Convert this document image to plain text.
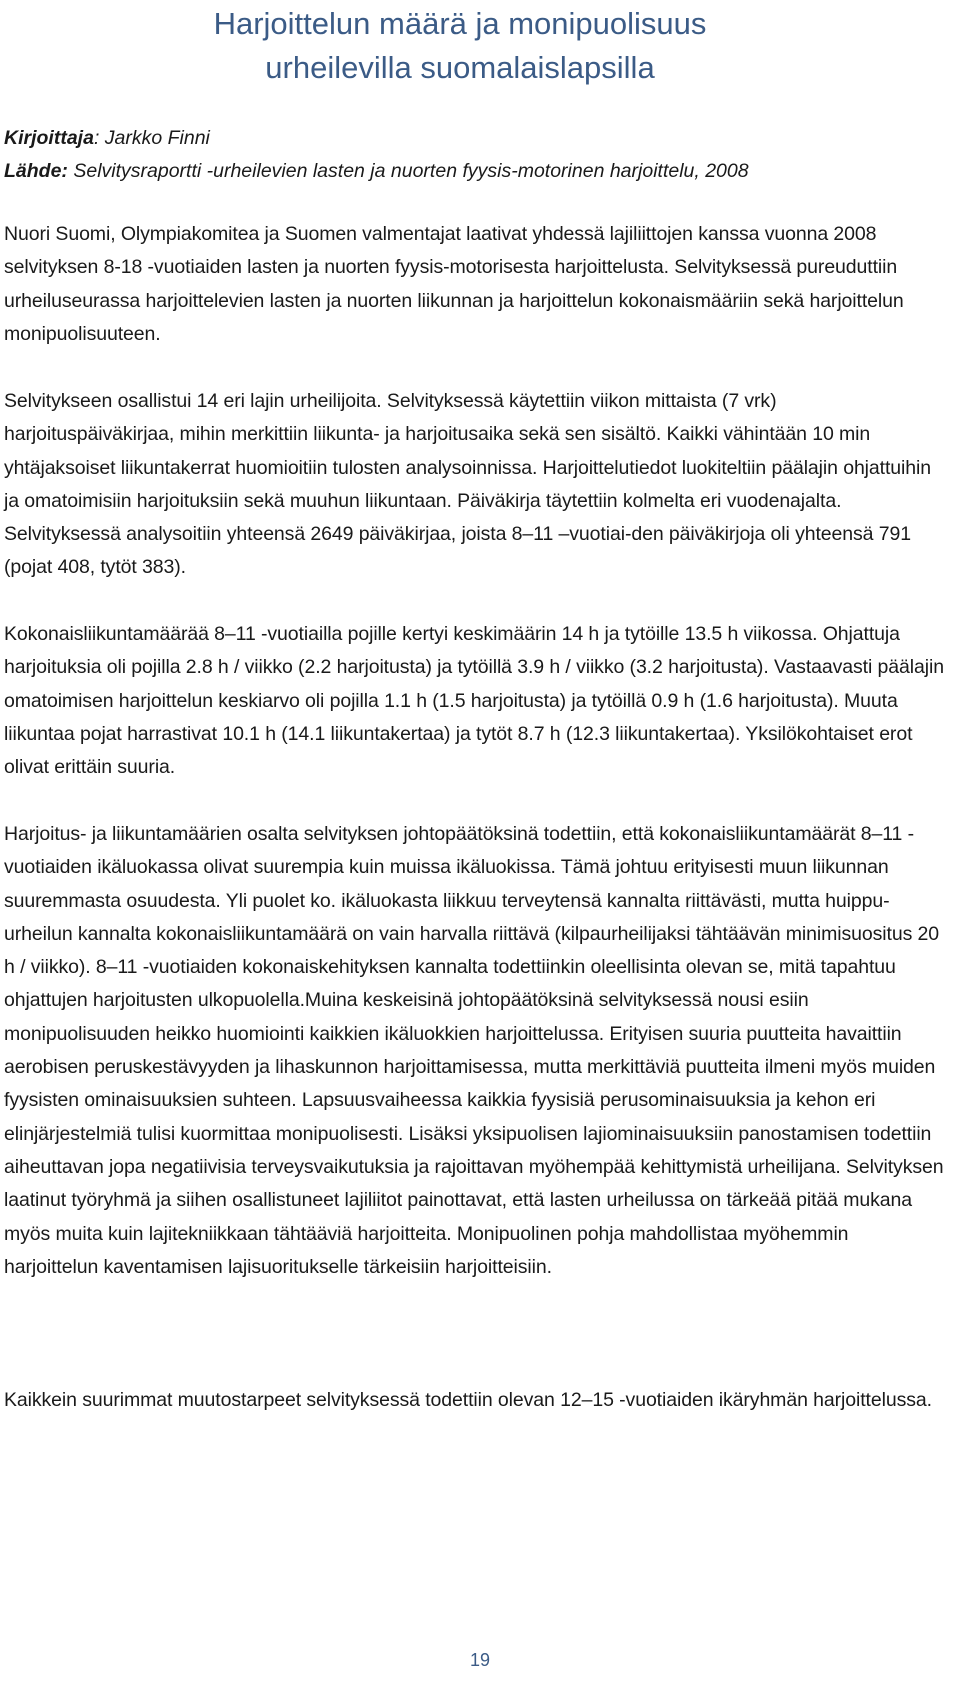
Harjoittelun määrä ja monipuolisuus
urheilevilla suomalaislapsilla
Kirjoittaja: Jarkko Finni
Lähde: Selvitysraportti -urheilevien lasten ja nuorten fyysis-motorinen harjoittelu, 2008

Nuori Suomi, Olympiakomitea ja Suomen valmentajat laativat yhdessä lajiliittojen kanssa vuonna 2008 selvityksen 8-18 -vuotiaiden lasten ja nuorten fyysis-motorisesta harjoittelusta. Selvityksessä pureuduttiin urheiluseurassa harjoittelevien lasten ja nuorten liikunnan ja harjoittelun kokonaismääriin sekä harjoittelun monipuolisuuteen.

Selvitykseen osallistui 14 eri lajin urheilijoita. Selvityksessä käytettiin viikon mittaista (7 vrk) harjoituspäiväkirjaa, mihin merkittiin liikunta- ja harjoitusaika sekä sen sisältö. Kaikki vähintään 10 min yhtäjaksoiset liikuntakerrat huomioitiin tulosten analysoinnissa. Harjoittelutiedot luokiteltiin päälajin ohjattuihin ja omatoimisiin harjoituksiin sekä muuhun liikuntaan. Päiväkirja täytettiin kolmelta eri vuodenajalta. Selvityksessä analysoitiin yhteensä 2649 päiväkirjaa, joista 8–11 –vuotiai-den päiväkirjoja oli yhteensä 791 (pojat 408, tytöt 383).

Kokonaisliikuntamäärää 8–11 -vuotiailla pojille kertyi keskimäärin 14 h ja tytöille 13.5 h viikossa. Ohjattuja harjoituksia oli pojilla 2.8 h / viikko (2.2 harjoitusta) ja tytöillä 3.9 h / viikko (3.2 harjoitusta). Vastaavasti päälajin omatoimisen harjoittelun keskiarvo oli pojilla 1.1 h (1.5 harjoitusta) ja tytöillä 0.9 h (1.6 harjoitusta). Muuta liikuntaa pojat harrastivat 10.1 h (14.1 liikuntakertaa) ja tytöt 8.7 h (12.3 liikuntakertaa). Yksilökohtaiset erot olivat erittäin suuria.

Harjoitus- ja liikuntamäärien osalta selvityksen johtopäätöksinä todettiin, että kokonaisliikuntamäärät 8–11 -vuotiaiden ikäluokassa olivat suurempia kuin muissa ikäluokissa. Tämä johtuu erityisesti muun liikunnan suuremmasta osuudesta. Yli puolet ko. ikäluokasta liikkuu terveytensä kannalta riittävästi, mutta huippu-urheilun kannalta kokonaisliikuntamäärä on vain harvalla riittävä (kilpaurheilijaksi tähtäävän minimisuositus 20 h / viikko). 8–11 -vuotiaiden kokonaiskehityksen kannalta todettiinkin oleellisinta olevan se, mitä tapahtuu ohjattujen harjoitusten ulkopuolella.Muina keskeisinä johtopäätöksinä selvityksessä nousi esiin monipuolisuuden heikko huomiointi kaikkien ikäluokkien harjoittelussa. Erityisen suuria puutteita havaittiin aerobisen peruskestävyyden ja lihaskunnon harjoittamisessa, mutta merkittäviä puutteita ilmeni myös muiden fyysisten ominaisuuksien suhteen. Lapsuusvaiheessa kaikkia fyysisiä perusominaisuuksia ja kehon eri elinjärjestelmiä tulisi kuormittaa monipuolisesti. Lisäksi yksipuolisen lajiominaisuuksiin panostamisen todettiin aiheuttavan jopa negatiivisia terveysvaikutuksia ja rajoittavan myöhempää kehittymistä urheilijana. Selvityksen laatinut työryhmä ja siihen osallistuneet lajiliitot painottavat, että lasten urheilussa on tärkeää pitää mukana myös muita kuin lajitekniikkaan tähtääviä harjoitteita. Monipuolinen pohja mahdollistaa myöhemmin harjoittelun kaventamisen lajisuoritukselle tärkeisiin harjoitteisiin.

Kaikkein suurimmat muutostarpeet selvityksessä todettiin olevan 12–15 -vuotiaiden ikäryhmän harjoittelussa.

19
